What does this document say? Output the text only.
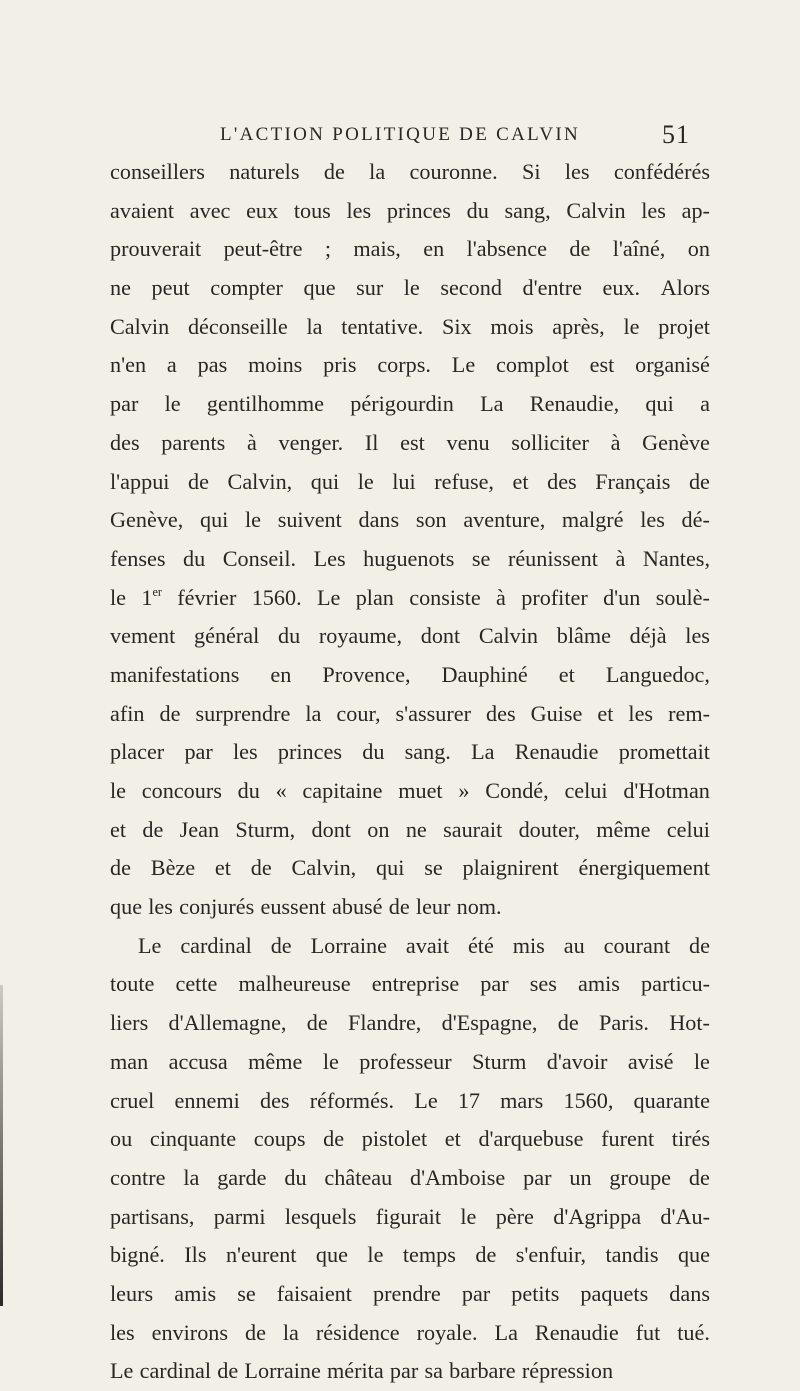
L'ACTION POLITIQUE DE CALVIN	51
conseillers naturels de la couronne. Si les confédérés
avaient avec eux tous les princes du sang, Calvin les ap-
prouverait peut-être ; mais, en l'absence de l'aîné, on
ne peut compter que sur le second d'entre eux. Alors
Calvin déconseille la tentative. Six mois après, le projet
n'en a pas moins pris corps. Le complot est organisé
par le gentilhomme périgourdin La Renaudie, qui a
des parents à venger. Il est venu solliciter à Genève
l'appui de Calvin, qui le lui refuse, et des Français de
Genève, qui le suivent dans son aventure, malgré les dé-
fenses du Conseil. Les huguenots se réunissent à Nantes,
le 1er février 1560. Le plan consiste à profiter d'un soulè-
vement général du royaume, dont Calvin blâme déjà les
manifestations en Provence, Dauphiné et Languedoc,
afin de surprendre la cour, s'assurer des Guise et les rem-
placer par les princes du sang. La Renaudie promettait
le concours du « capitaine muet » Condé, celui d'Hotman
et de Jean Sturm, dont on ne saurait douter, même celui
de Bèze et de Calvin, qui se plaignirent énergiquement
que les conjurés eussent abusé de leur nom.
Le cardinal de Lorraine avait été mis au courant de
toute cette malheureuse entreprise par ses amis particu-
liers d'Allemagne, de Flandre, d'Espagne, de Paris. Hot-
man accusa même le professeur Sturm d'avoir avisé le
cruel ennemi des réformés. Le 17 mars 1560, quarante
ou cinquante coups de pistolet et d'arquebuse furent tirés
contre la garde du château d'Amboise par un groupe de
partisans, parmi lesquels figurait le père d'Agrippa d'Au-
bigné. Ils n'eurent que le temps de s'enfuir, tandis que
leurs amis se faisaient prendre par petits paquets dans
les environs de la résidence royale. La Renaudie fut tué.
Le cardinal de Lorraine mérita par sa barbare répression
